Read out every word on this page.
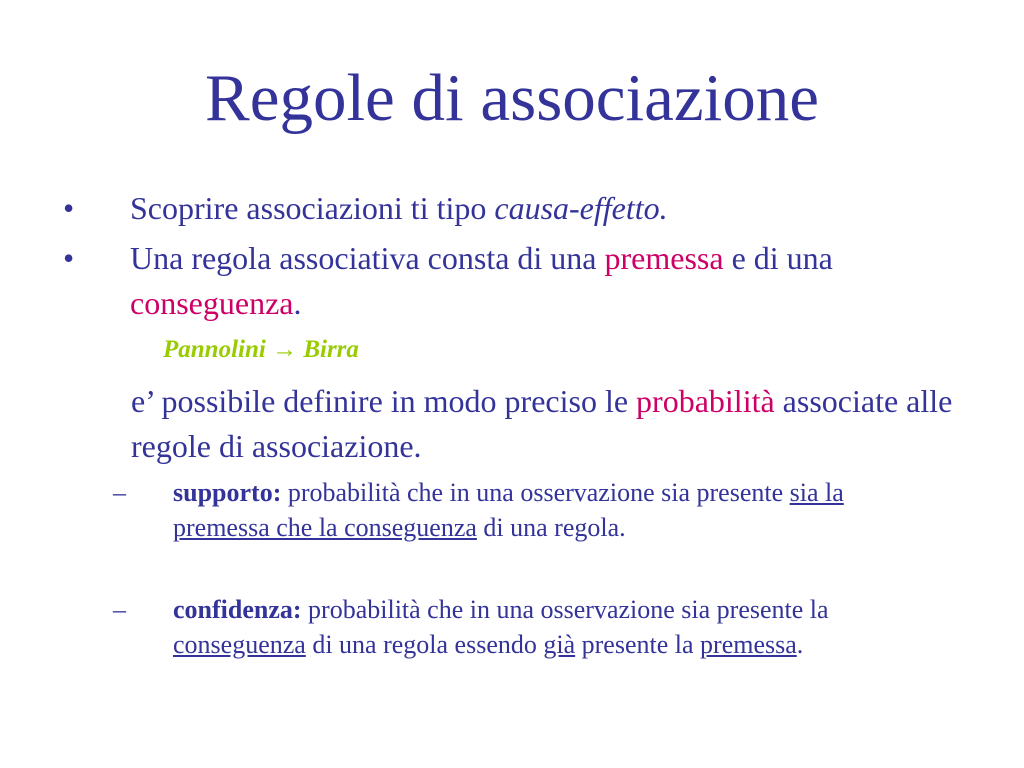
Regole di associazione
• Scoprire associazioni ti tipo causa-effetto.
• Una regola associativa consta di una premessa e di una conseguenza.
Pannolini → Birra
e’ possibile definire in modo preciso le probabilità associate alle regole di associazione.
– supporto: probabilità che in una osservazione sia presente sia la premessa che la conseguenza di una regola.
– confidenza: probabilità che in una osservazione sia presente la conseguenza di una regola essendo già presente la premessa.
